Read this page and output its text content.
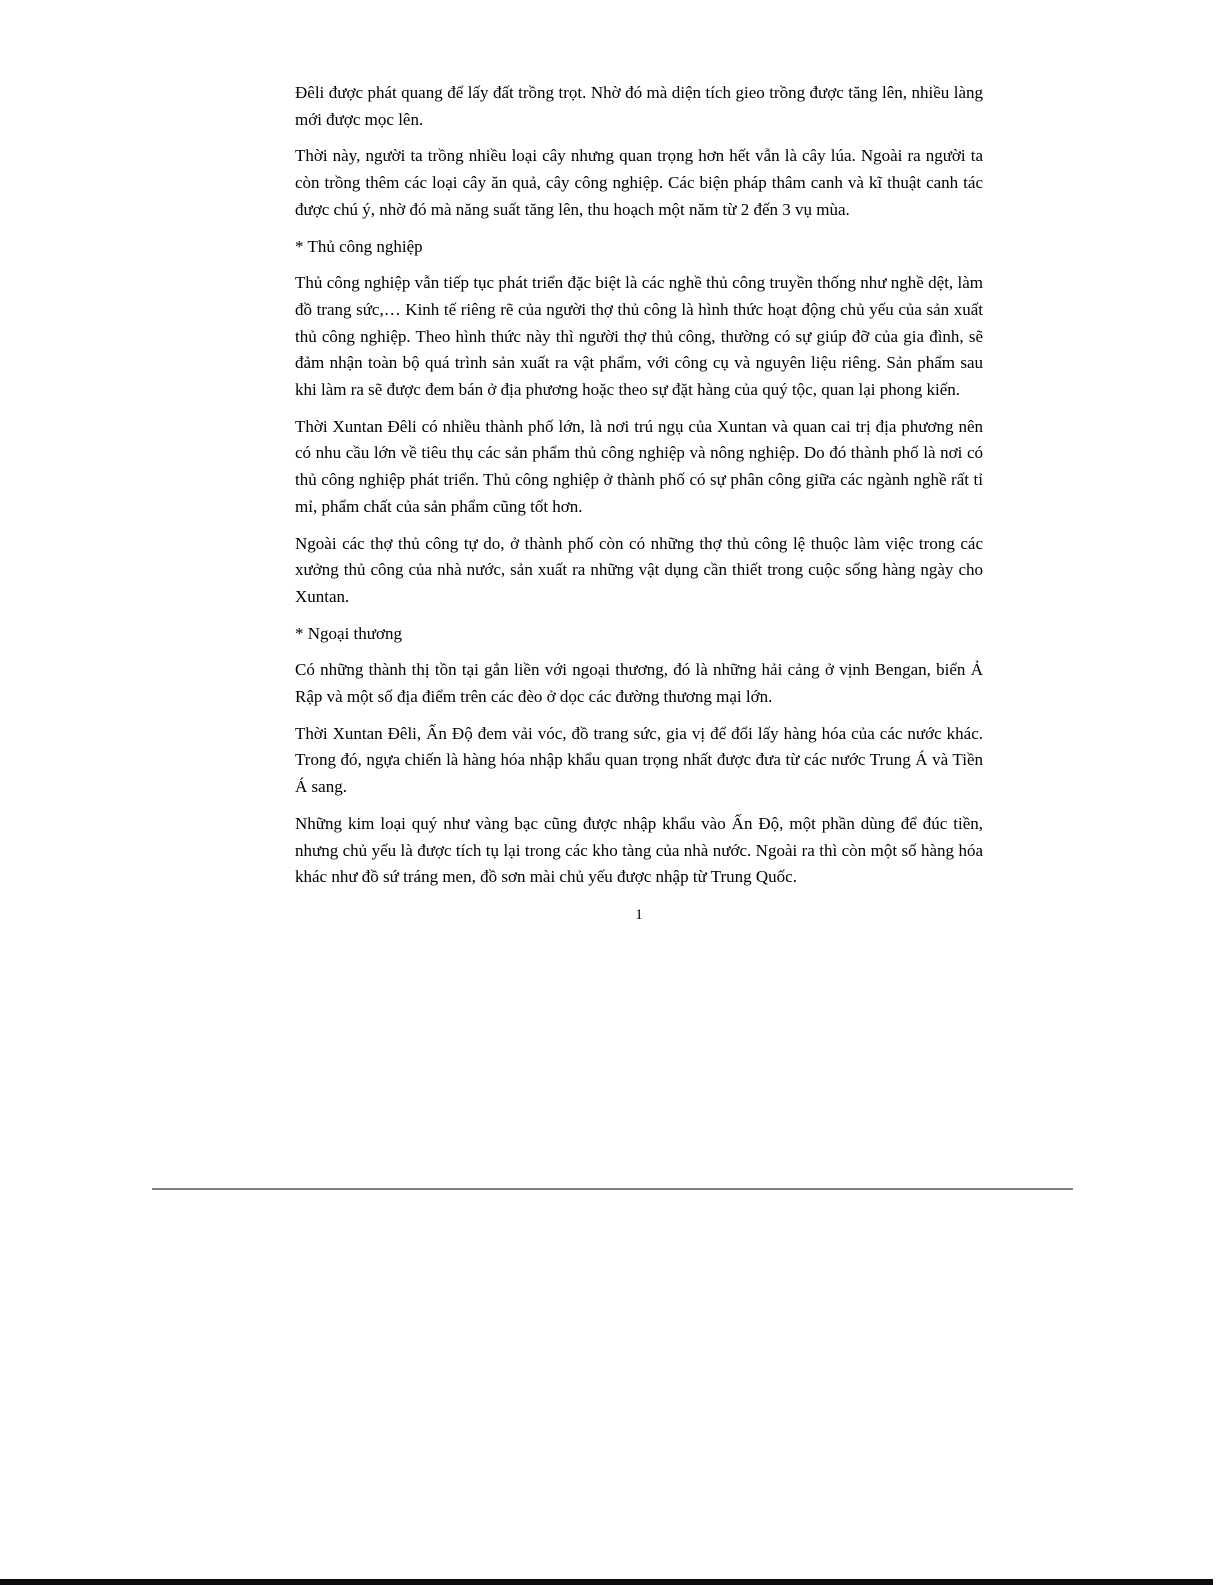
Đêli được phát quang để lấy đất trồng trọt. Nhờ đó mà diện tích gieo trồng được tăng lên, nhiều làng mới được mọc lên.

Thời này, người ta trồng nhiều loại cây nhưng quan trọng hơn hết vẫn là cây lúa. Ngoài ra người ta còn trồng thêm các loại cây ăn quả, cây công nghiệp. Các biện pháp thâm canh và kĩ thuật canh tác được chú ý, nhờ đó mà năng suất tăng lên, thu hoạch một năm từ 2 đến 3 vụ mùa.

* Thủ công nghiệp

Thủ công nghiệp vẫn tiếp tục phát triển đặc biệt là các nghề thủ công truyền thống như nghề dệt, làm đồ trang sức,… Kinh tế riêng rẽ của người thợ thủ công là hình thức hoạt động chủ yếu của sản xuất thủ công nghiệp. Theo hình thức này thì người thợ thủ công, thường có sự giúp đỡ của gia đình, sẽ đảm nhận toàn bộ quá trình sản xuất ra vật phẩm, với công cụ và nguyên liệu riêng. Sản phẩm sau khi làm ra sẽ được đem bán ở địa phương hoặc theo sự đặt hàng của quý tộc, quan lại phong kiến.

Thời Xuntan Đêli có nhiều thành phố lớn, là nơi trú ngụ của Xuntan và quan cai trị địa phương nên có nhu cầu lớn về tiêu thụ các sản phẩm thủ công nghiệp và nông nghiệp. Do đó thành phố là nơi có thủ công nghiệp phát triển. Thủ công nghiệp ở thành phố có sự phân công giữa các ngành nghề rất tỉ mỉ, phẩm chất của sản phẩm cũng tốt hơn.

Ngoài các thợ thủ công tự do, ở thành phố còn có những thợ thủ công lệ thuộc làm việc trong các xưởng thủ công của nhà nước, sản xuất ra những vật dụng cần thiết trong cuộc sống hàng ngày cho Xuntan.

* Ngoại thương

Có những thành thị tồn tại gắn liền với ngoại thương, đó là những hải cảng ở vịnh Bengan, biển Ả Rập và một số địa điểm trên các đèo ở dọc các đường thương mại lớn.

Thời Xuntan Đêli, Ấn Độ đem vải vóc, đồ trang sức, gia vị để đổi lấy hàng hóa của các nước khác. Trong đó, ngựa chiến là hàng hóa nhập khẩu quan trọng nhất được đưa từ các nước Trung Á và Tiền Á sang.

Những kim loại quý như vàng bạc cũng được nhập khẩu vào Ấn Độ, một phần dùng để đúc tiền, nhưng chủ yếu là được tích tụ lại trong các kho tàng của nhà nước. Ngoài ra thì còn một số hàng hóa khác như đồ sứ tráng men, đồ sơn mài chủ yếu được nhập từ Trung Quốc.

1
